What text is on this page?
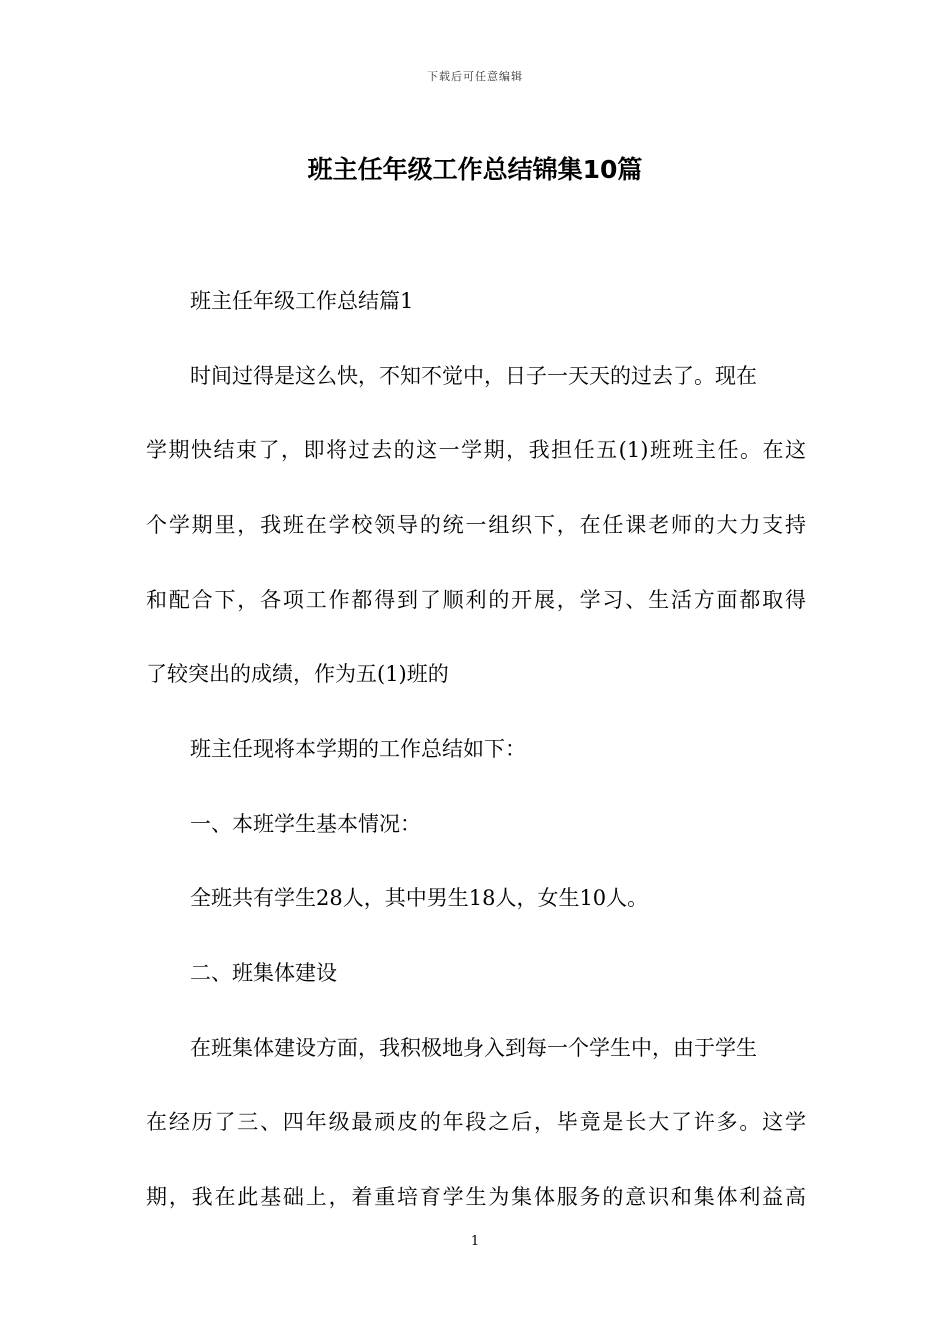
下载后可任意编辑
班主任年级工作总结锦集10篇
班主任年级工作总结篇1
时间过得是这么快，不知不觉中，日子一天天的过去了。现在
学期快结束了，即将过去的这一学期，我担任五(1)班班主任。在这
个学期里，我班在学校领导的统一组织下，在任课老师的大力支持
和配合下，各项工作都得到了顺利的开展，学习、生活方面都取得
了较突出的成绩，作为五(1)班的
班主任现将本学期的工作总结如下：
一、本班学生基本情况：
全班共有学生28人，其中男生18人，女生10人。
二、班集体建设
在班集体建设方面，我积极地身入到每一个学生中，由于学生
在经历了三、四年级最顽皮的年段之后，毕竟是长大了许多。这学
期，我在此基础上，着重培育学生为集体服务的意识和集体利益高
1
